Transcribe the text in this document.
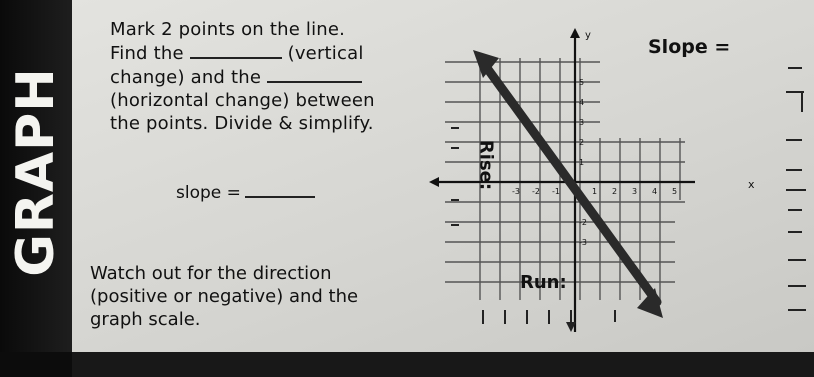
GRAPH
Mark 2 points on the line.
Find the	(vertical
change) and the
(horizontal change) between
the points. Divide & simplify.
slope =
Watch out for the direction
(positive or negative) and the
graph scale.
-3 -2 -1	1 2 3 4 5
5
4
3
2
1
-2
-3
y
Slope =
Rise:
Run:
x
